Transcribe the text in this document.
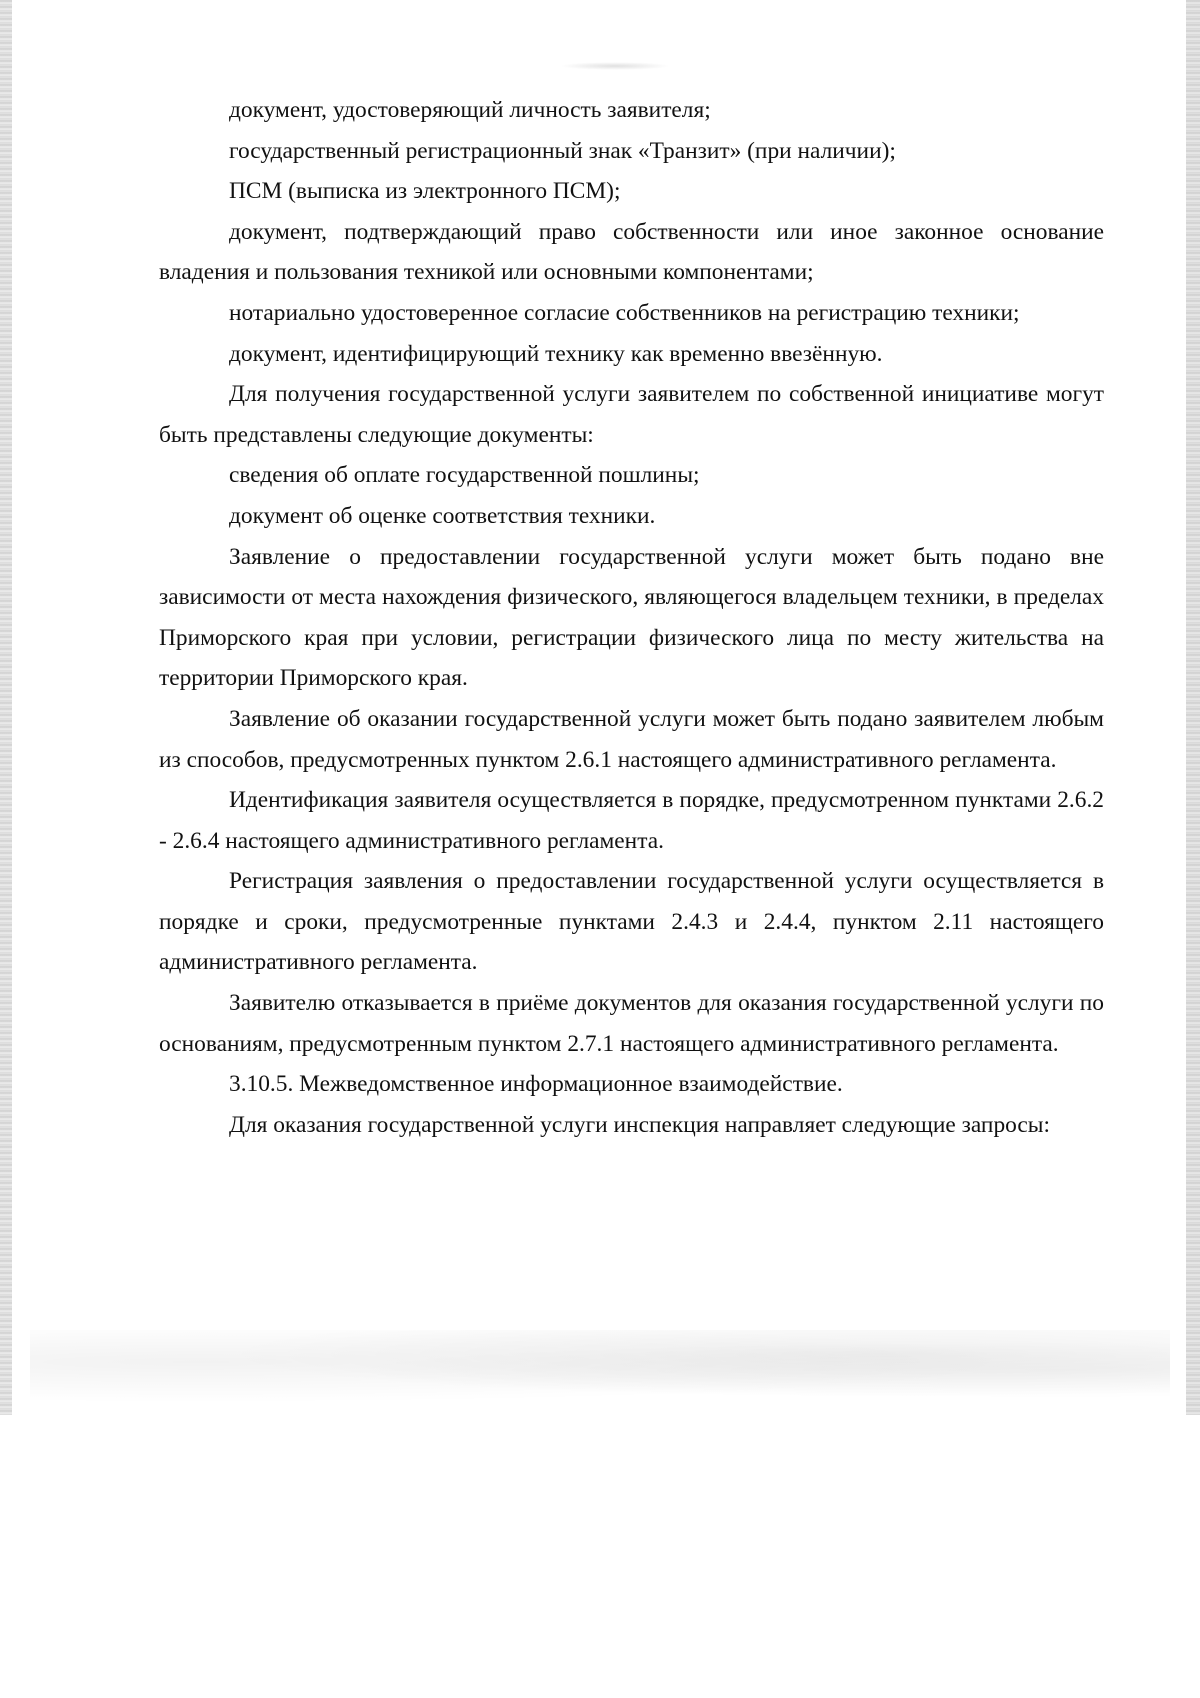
документ, удостоверяющий личность заявителя;

государственный регистрационный знак «Транзит» (при наличии);

ПСМ (выписка из электронного ПСМ);

документ, подтверждающий право собственности или иное законное основание владения и пользования техникой или основными компонентами;

нотариально удостоверенное согласие собственников на регистрацию техники;

документ, идентифицирующий технику как временно ввезённую.

Для получения государственной услуги заявителем по собственной инициативе могут быть представлены следующие документы:

сведения об оплате государственной пошлины;

документ об оценке соответствия техники.

Заявление о предоставлении государственной услуги может быть подано вне зависимости от места нахождения физического, являющегося владельцем техники, в пределах Приморского края при условии, регистрации физического лица по месту жительства на территории Приморского края.

Заявление об оказании государственной услуги может быть подано заявителем любым из способов, предусмотренных пунктом 2.6.1 настоящего административного регламента.

Идентификация заявителя осуществляется в порядке, предусмотренном пунктами 2.6.2 - 2.6.4 настоящего административного регламента.

Регистрация заявления о предоставлении государственной услуги осуществляется в порядке и сроки, предусмотренные пунктами 2.4.3 и 2.4.4, пунктом 2.11 настоящего административного регламента.

Заявителю отказывается в приёме документов для оказания государственной услуги по основаниям, предусмотренным пунктом 2.7.1 настоящего административного регламента.

3.10.5. Межведомственное информационное взаимодействие.

Для оказания государственной услуги инспекция направляет следующие запросы:
